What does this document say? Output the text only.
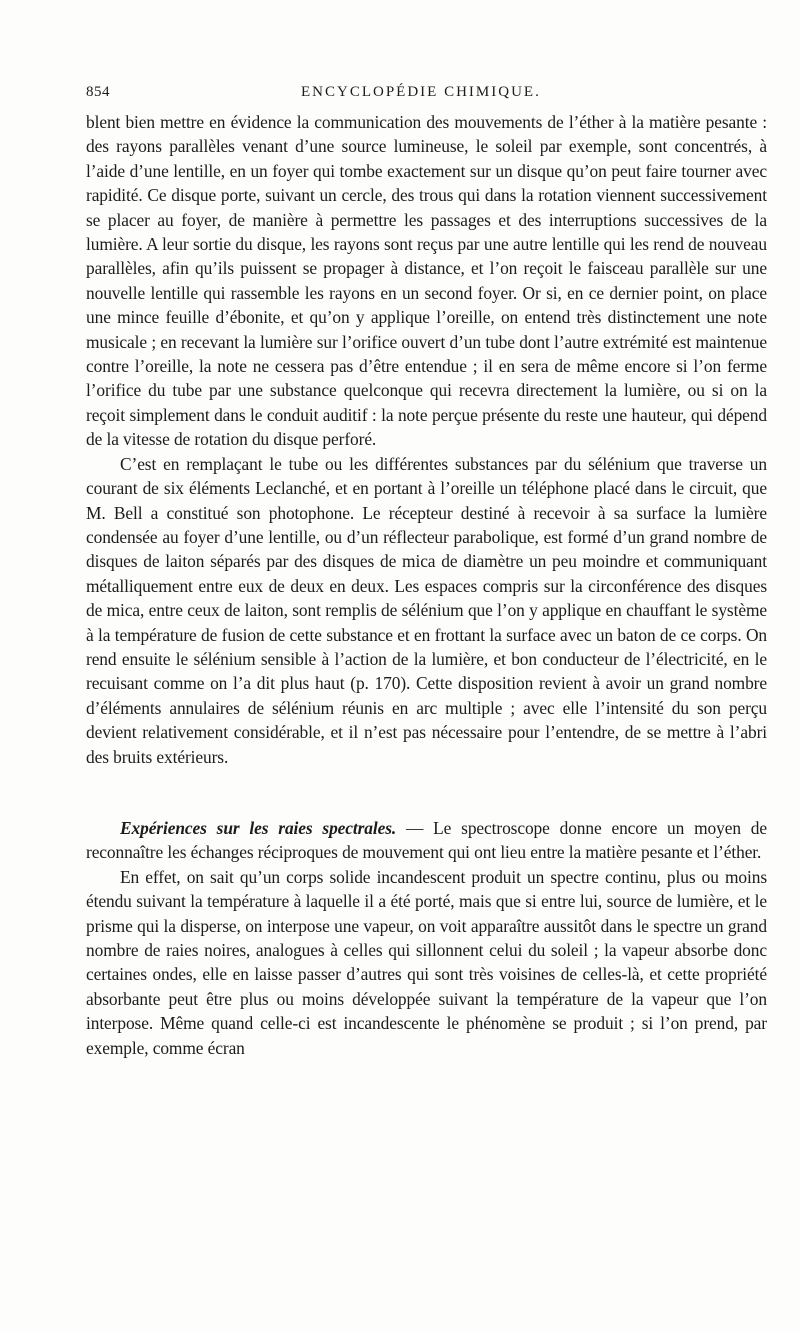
854	ENCYCLOPÉDIE CHIMIQUE.

blent bien mettre en évidence la communication des mouvements de l’éther à la matière pesante : des rayons parallèles venant d’une source lumineuse, le soleil par exemple, sont concentrés, à l’aide d’une lentille, en un foyer qui tombe exactement sur un disque qu’on peut faire tourner avec rapidité. Ce disque porte, suivant un cercle, des trous qui dans la rotation viennent successivement se placer au foyer, de manière à permettre les passages et des interruptions successives de la lumière. A leur sortie du disque, les rayons sont reçus par une autre lentille qui les rend de nouveau parallèles, afin qu’ils puissent se propager à distance, et l’on reçoit le faisceau parallèle sur une nouvelle lentille qui rassemble les rayons en un second foyer. Or si, en ce dernier point, on place une mince feuille d’ébonite, et qu’on y applique l’oreille, on entend très distinctement une note musicale ; en recevant la lumière sur l’orifice ouvert d’un tube dont l’autre extrémité est maintenue contre l’oreille, la note ne cessera pas d’être entendue ; il en sera de même encore si l’on ferme l’orifice du tube par une substance quelconque qui recevra directement la lumière, ou si on la reçoit simplement dans le conduit auditif : la note perçue présente du reste une hauteur, qui dépend de la vitesse de rotation du disque perforé.

C’est en remplaçant le tube ou les différentes substances par du sélénium que traverse un courant de six éléments Leclanché, et en portant à l’oreille un téléphone placé dans le circuit, que M. Bell a constitué son photophone. Le récepteur destiné à recevoir à sa surface la lumière condensée au foyer d’une lentille, ou d’un réflecteur parabolique, est formé d’un grand nombre de disques de laiton séparés par des disques de mica de diamètre un peu moindre et communiquant métalliquement entre eux de deux en deux. Les espaces compris sur la circonférence des disques de mica, entre ceux de laiton, sont remplis de sélénium que l’on y applique en chauffant le système à la température de fusion de cette substance et en frottant la surface avec un baton de ce corps. On rend ensuite le sélénium sensible à l’action de la lumière, et bon conducteur de l’électricité, en le recuisant comme on l’a dit plus haut (p. 170). Cette disposition revient à avoir un grand nombre d’éléments annulaires de sélénium réunis en arc multiple ; avec elle l’intensité du son perçu devient relativement considérable, et il n’est pas nécessaire pour l’entendre, de se mettre à l’abri des bruits extérieurs.

Expériences sur les raies spectrales. — Le spectroscope donne encore un moyen de reconnaître les échanges réciproques de mouvement qui ont lieu entre la matière pesante et l’éther.

En effet, on sait qu’un corps solide incandescent produit un spectre continu, plus ou moins étendu suivant la température à laquelle il a été porté, mais que si entre lui, source de lumière, et le prisme qui la disperse, on interpose une vapeur, on voit apparaître aussitôt dans le spectre un grand nombre de raies noires, analogues à celles qui sillonnent celui du soleil ; la vapeur absorbe donc certaines ondes, elle en laisse passer d’autres qui sont très voisines de celles-là, et cette propriété absorbante peut être plus ou moins développée suivant la température de la vapeur que l’on interpose. Même quand celle-ci est incandescente le phénomène se produit ; si l’on prend, par exemple, comme écran
